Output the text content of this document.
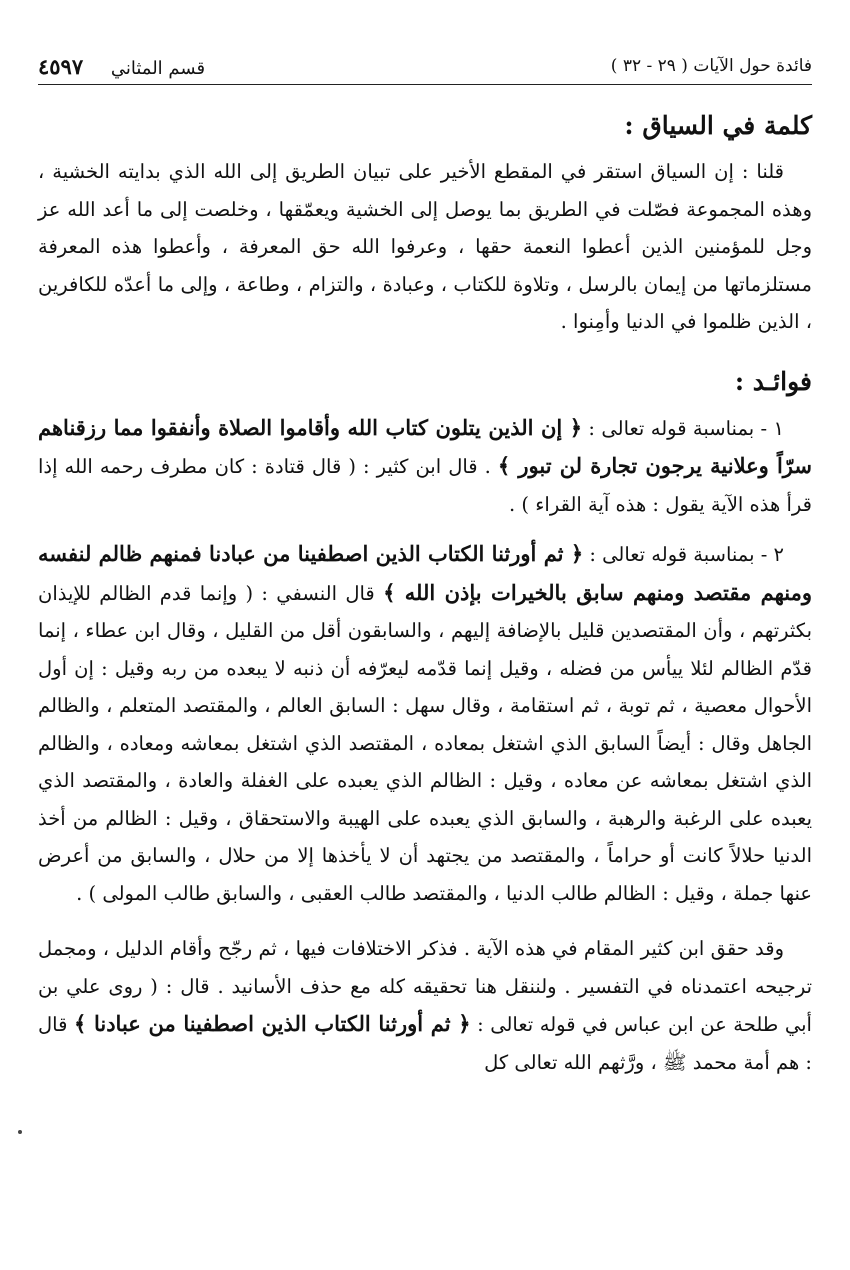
فائدة حول الآيات ( ٢٩ - ٣٢ )
قسم المثاني ٤٥٩٧
كلمة في السياق :

قلنا : إن السياق استقر في المقطع الأخير على تبيان الطريق إلى الله الذي بدايته الخشية ، وهذه المجموعة فصّلت في الطريق بما يوصل إلى الخشية ويعمّقها ، وخلصت إلى ما أعد الله عز وجل للمؤمنين الذين أعطوا النعمة حقها ، وعرفوا الله حق المعرفة ، وأعطوا هذه المعرفة مستلزماتها من إيمان بالرسل ، وتلاوة للكتاب ، وعبادة ، والتزام ، وطاعة ، وإلى ما أعدّه للكافرين ، الذين ظلموا في الدنيا وأمِنوا .

فوائـد :

١ - بمناسبة قوله تعالى : ﴿ إن الذين يتلون كتاب الله وأقاموا الصلاة وأنفقوا مما رزقناهم سرّاً وعلانية يرجون تجارة لن تبور ﴾ . قال ابن كثير : ( قال قتادة : كان مطرف رحمه الله إذا قرأ هذه الآية يقول : هذه آية القراء ) .

٢ - بمناسبة قوله تعالى : ﴿ ثم أورثنا الكتاب الذين اصطفينا من عبادنا فمنهم ظالم لنفسه ومنهم مقتصد ومنهم سابق بالخيرات بإذن الله ﴾ قال النسفي : ( وإنما قدم الظالم للإيذان بكثرتهم ، وأن المقتصدين قليل بالإضافة إليهم ، والسابقون أقل من القليل ، وقال ابن عطاء ، إنما قدّم الظالم لئلا ييأس من فضله ، وقيل إنما قدّمه ليعرّفه أن ذنبه لا يبعده من ربه وقيل : إن أول الأحوال معصية ، ثم توبة ، ثم استقامة ، وقال سهل : السابق العالم ، والمقتصد المتعلم ، والظالم الجاهل وقال : أيضاً السابق الذي اشتغل بمعاده ، المقتصد الذي اشتغل بمعاشه ومعاده ، والظالم الذي اشتغل بمعاشه عن معاده ، وقيل : الظالم الذي يعبده على الغفلة والعادة ، والمقتصد الذي يعبده على الرغبة والرهبة ، والسابق الذي يعبده على الهيبة والاستحقاق ، وقيل : الظالم من أخذ الدنيا حلالاً كانت أو حراماً ، والمقتصد من يجتهد أن لا يأخذها إلا من حلال ، والسابق من أعرض عنها جملة ، وقيل : الظالم طالب الدنيا ، والمقتصد طالب العقبى ، والسابق طالب المولى ) .

وقد حقق ابن كثير المقام في هذه الآية . فذكر الاختلافات فيها ، ثم رجّح وأقام الدليل ، ومجمل ترجيحه اعتمدناه في التفسير . ولننقل هنا تحقيقه كله مع حذف الأسانيد . قال : ( روى علي بن أبي طلحة عن ابن عباس في قوله تعالى : ﴿ ثم أورثنا الكتاب الذين اصطفينا من عبادنا ﴾ قال : هم أمة محمد ﷺ ، ورَّثهم الله تعالى كل
